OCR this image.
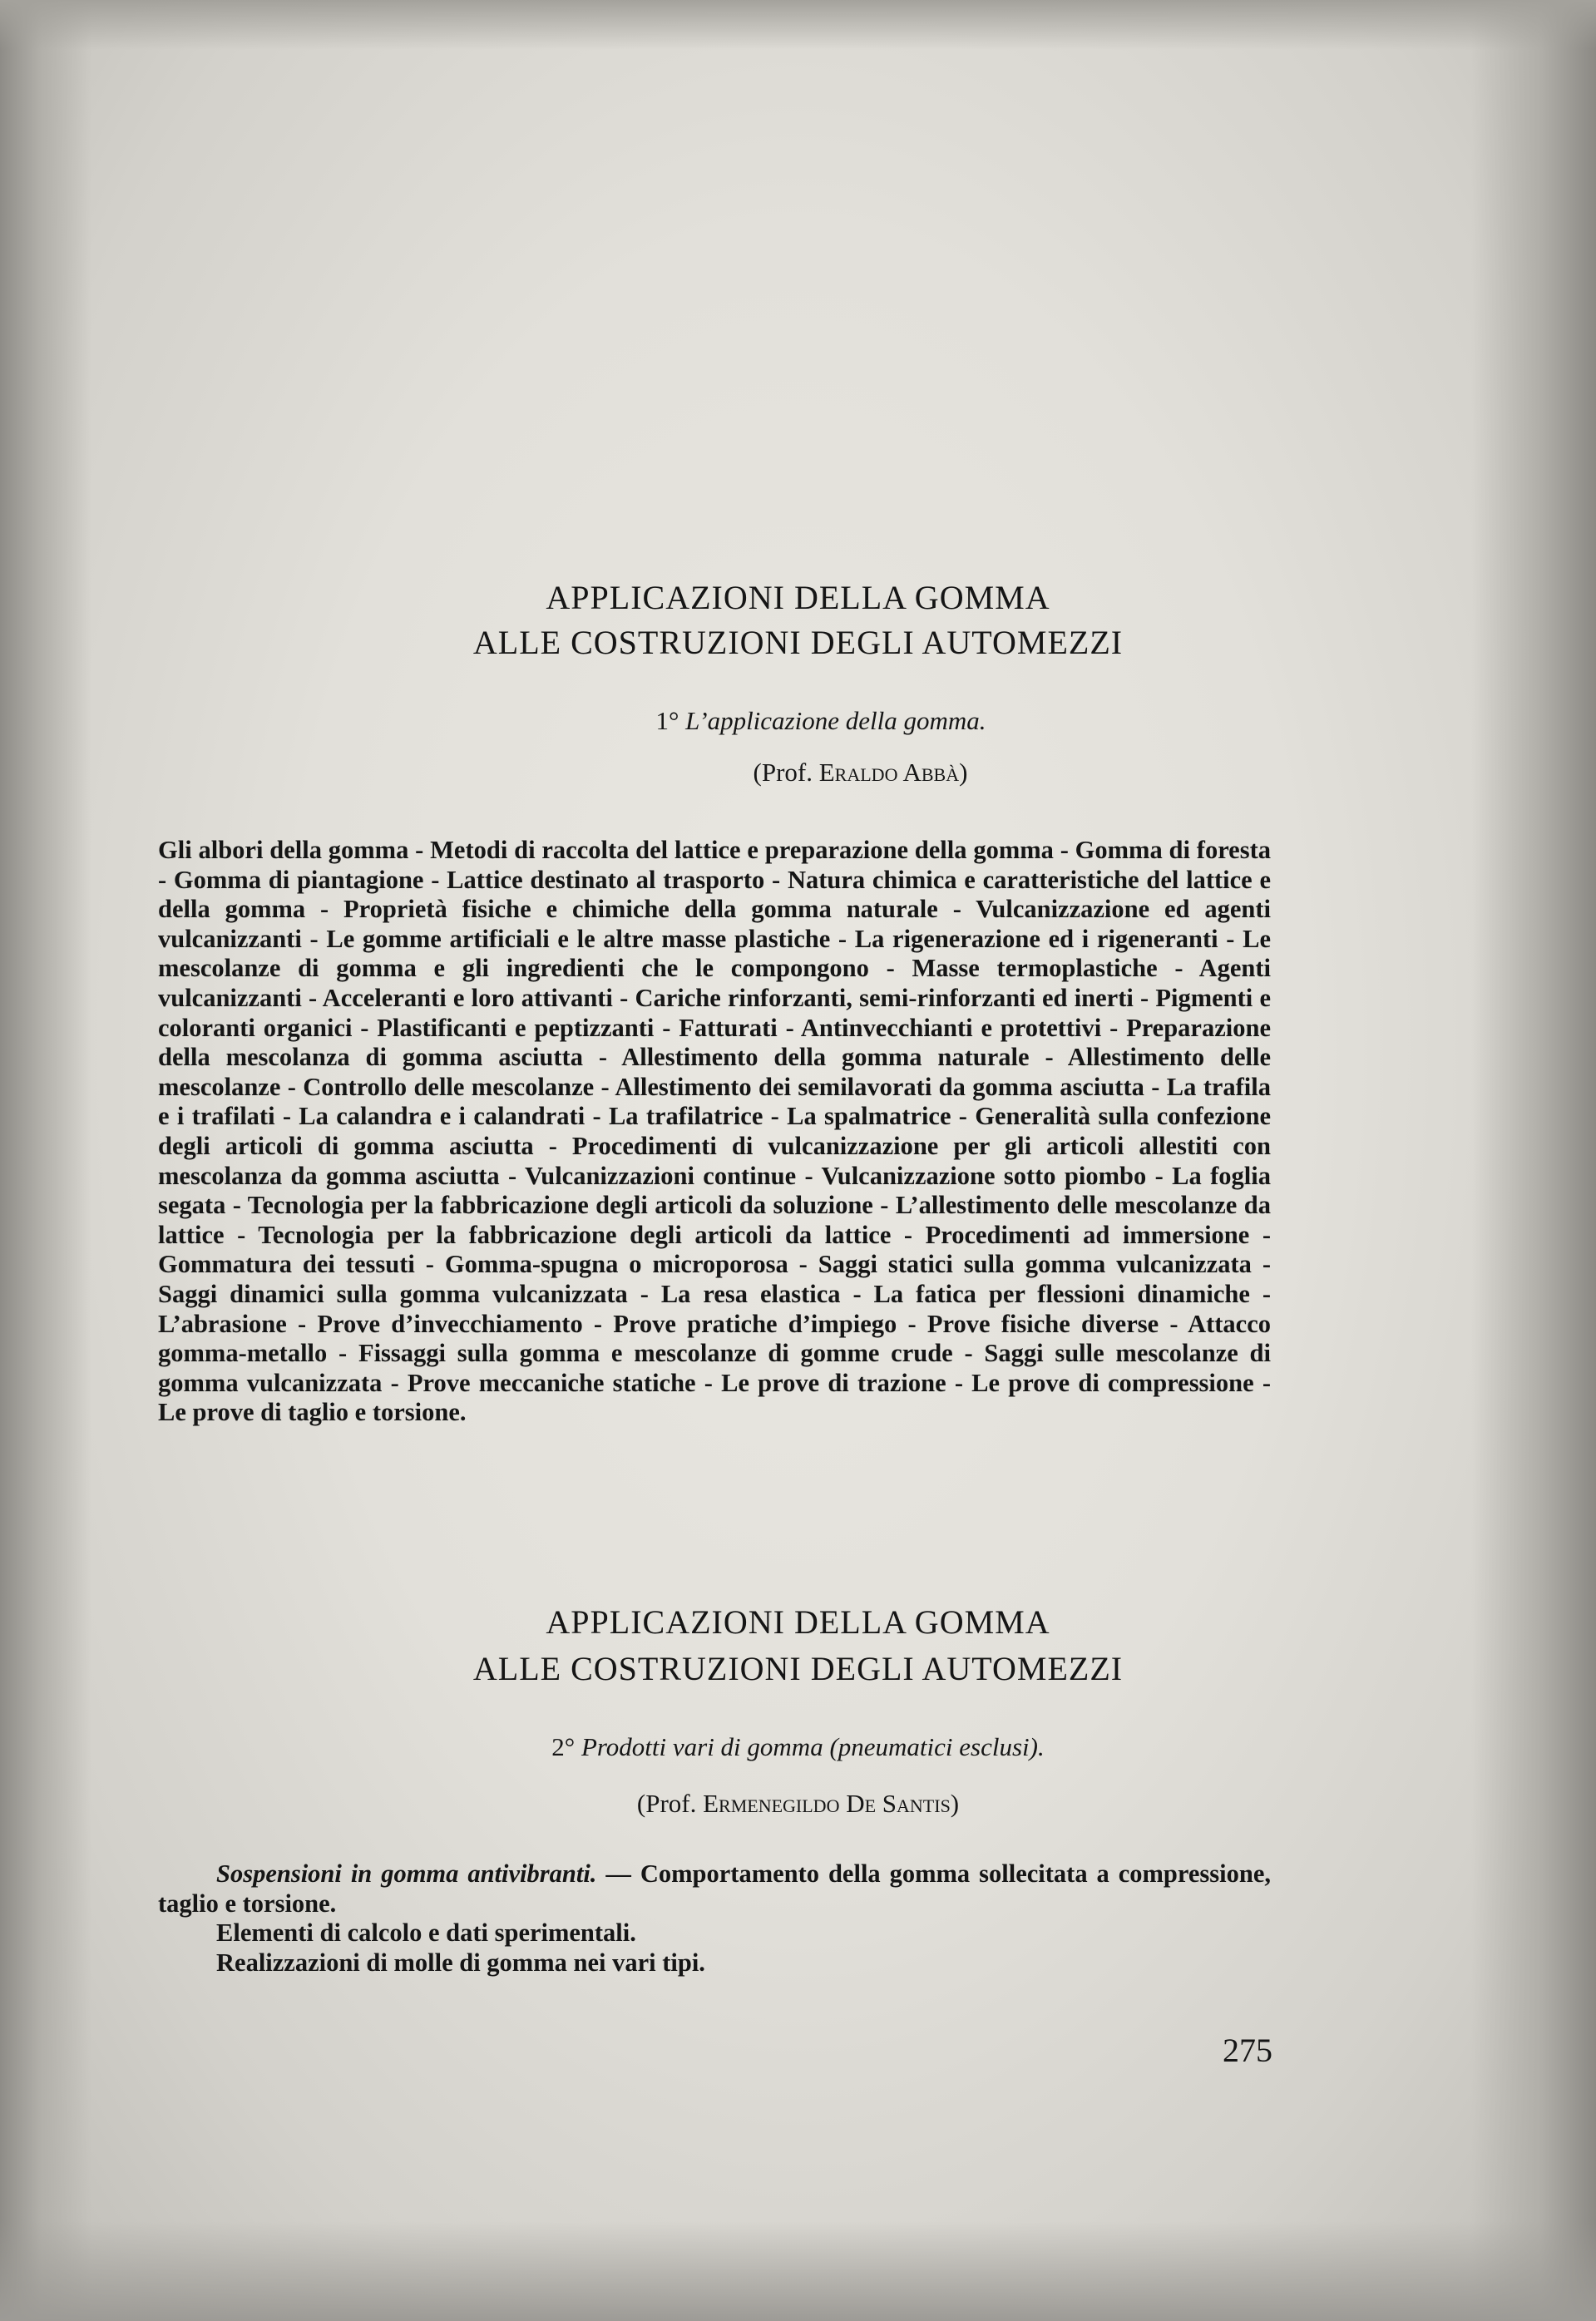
APPLICAZIONI DELLA GOMMA
ALLE COSTRUZIONI DEGLI AUTOMEZZI
1° L’applicazione della gomma.
(Prof. Eraldo Abbà)
Gli albori della gomma - Metodi di raccolta del lattice e preparazione della gomma - Gomma di foresta - Gomma di piantagione - Lattice destinato al trasporto - Natura chimica e caratteristiche del lattice e della gomma - Proprietà fisiche e chimiche della gomma naturale - Vulcanizzazione ed agenti vulcanizzanti - Le gomme artificiali e le altre masse plastiche - La rigenerazione ed i rigeneranti - Le mescolanze di gomma e gli ingredienti che le compongono - Masse termoplastiche - Agenti vulcanizzanti - Acceleranti e loro attivanti - Cariche rinforzanti, semi-rinforzanti ed inerti - Pigmenti e coloranti organici - Plastificanti e peptizzanti - Fatturati - Antinvecchianti e protettivi - Preparazione della mescolanza di gomma asciutta - Allestimento della gomma naturale - Allestimento delle mescolanze - Controllo delle mescolanze - Allestimento dei semilavorati da gomma asciutta - La trafila e i trafilati - La calandra e i calandrati - La trafilatrice - La spalmatrice - Generalità sulla confezione degli articoli di gomma asciutta - Procedimenti di vulcanizzazione per gli articoli allestiti con mescolanza da gomma asciutta - Vulcanizzazioni continue - Vulcanizzazione sotto piombo - La foglia segata - Tecnologia per la fabbricazione degli articoli da soluzione - L’allestimento delle mescolanze da lattice - Tecnologia per la fabbricazione degli articoli da lattice - Procedimenti ad immersione - Gommatura dei tessuti - Gomma-spugna o microporosa - Saggi statici sulla gomma vulcanizzata - Saggi dinamici sulla gomma vulcanizzata - La resa elastica - La fatica per flessioni dinamiche - L’abrasione - Prove d’invecchiamento - Prove pratiche d’impiego - Prove fisiche diverse - Attacco gomma-metallo - Fissaggi sulla gomma e mescolanze di gomme crude - Saggi sulle mescolanze di gomma vulcanizzata - Prove meccaniche statiche - Le prove di trazione - Le prove di compressione - Le prove di taglio e torsione.
APPLICAZIONI DELLA GOMMA
ALLE COSTRUZIONI DEGLI AUTOMEZZI
2° Prodotti vari di gomma (pneumatici esclusi).
(Prof. Ermenegildo De Santis)
Sospensioni in gomma antivibranti. — Comportamento della gomma sollecitata a compressione, taglio e torsione.
Elementi di calcolo e dati sperimentali.
Realizzazioni di molle di gomma nei vari tipi.
275
